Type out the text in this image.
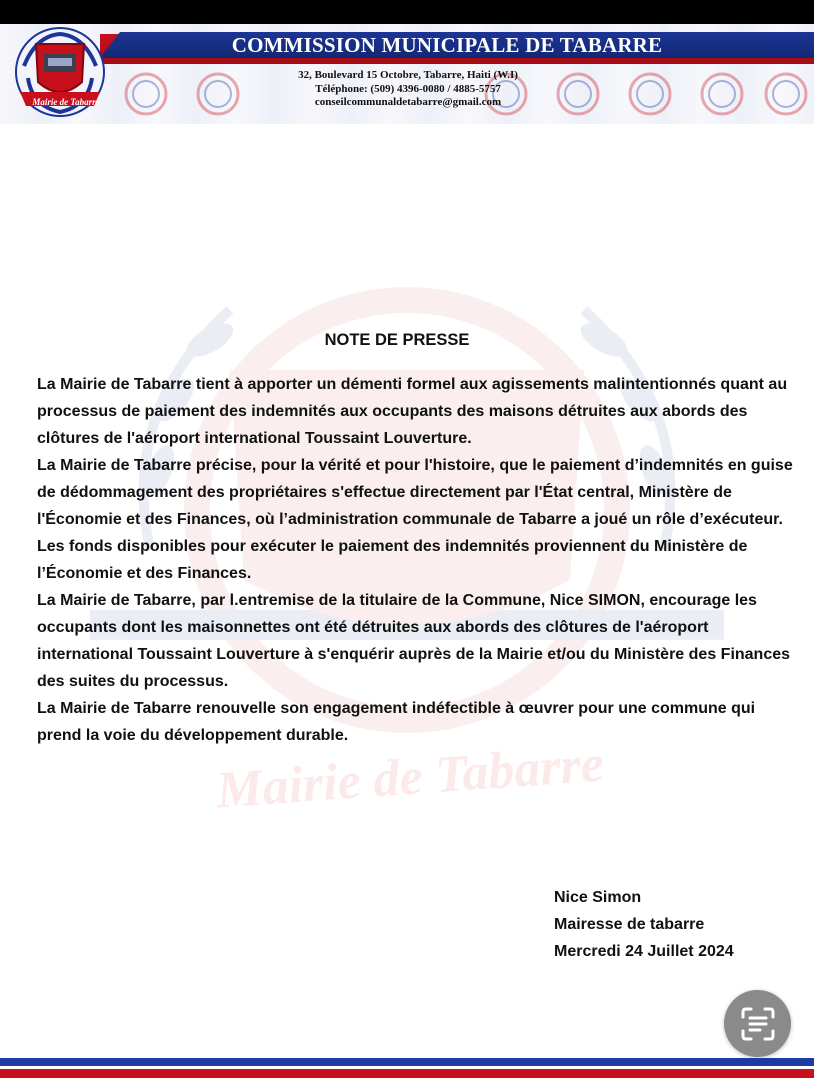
COMMISSION MUNICIPALE DE TABARRE
32, Boulevard 15 Octobre, Tabarre, Haiti (W.I)
Téléphone: (509) 4396-0080 / 4885-5757
conseilcommunaldetabarre@gmail.com
Mairie de Tabarre
Mairie de Tabarre
NOTE DE PRESSE

La Mairie de Tabarre tient à apporter un démenti formel aux agissements malintentionnés quant au processus de paiement des indemnités aux occupants des maisons détruites aux abords des clôtures de l'aéroport international Toussaint Louverture.

La Mairie de Tabarre précise, pour la vérité et pour l'histoire, que le paiement d’indemnités en guise de dédommagement des propriétaires s'effectue directement par l'État central, Ministère de l'Économie et des Finances, où l’administration communale de Tabarre a joué un rôle d’exécuteur. Les fonds disponibles pour exécuter le paiement des indemnités proviennent du Ministère de l’Économie et des Finances.

La Mairie de Tabarre, par l.entremise de la titulaire de la Commune, Nice SIMON, encourage les occupants dont les maisonnettes ont été détruites aux abords des clôtures de l'aéroport international Toussaint Louverture à s'enquérir auprès de la Mairie et/ou du Ministère des Finances des suites du processus.

La Mairie de Tabarre renouvelle son engagement indéfectible à œuvrer pour une commune qui prend la voie du développement durable.

Nice Simon
Mairesse de tabarre
Mercredi 24 Juillet 2024
